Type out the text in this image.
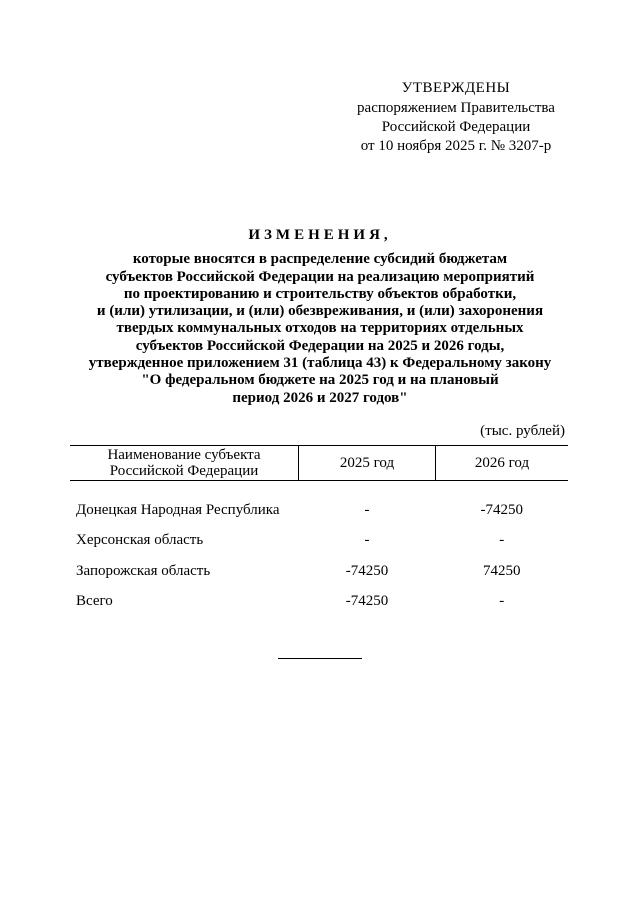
УТВЕРЖДЕНЫ
распоряжением Правительства
Российской Федерации
от 10 ноября 2025 г. № 3207-р
ИЗМЕНЕНИЯ,
которые вносятся в распределение субсидий бюджетам
субъектов Российской Федерации на реализацию мероприятий
по проектированию и строительству объектов обработки,
и (или) утилизации, и (или) обезвреживания, и (или) захоронения
твердых коммунальных отходов на территориях отдельных
субъектов Российской Федерации на 2025 и 2026 годы,
утвержденное приложением 31 (таблица 43) к Федеральному закону
"О федеральном бюджете на 2025 год и на плановый
период 2026 и 2027 годов"
(тыс. рублей)
Наименование субъекта
Российской Федерации	2025 год	2026 год
Донецкая Народная Республика	-	-74250
Херсонская область	-	-
Запорожская область	-74250	74250
Всего	-74250	-
